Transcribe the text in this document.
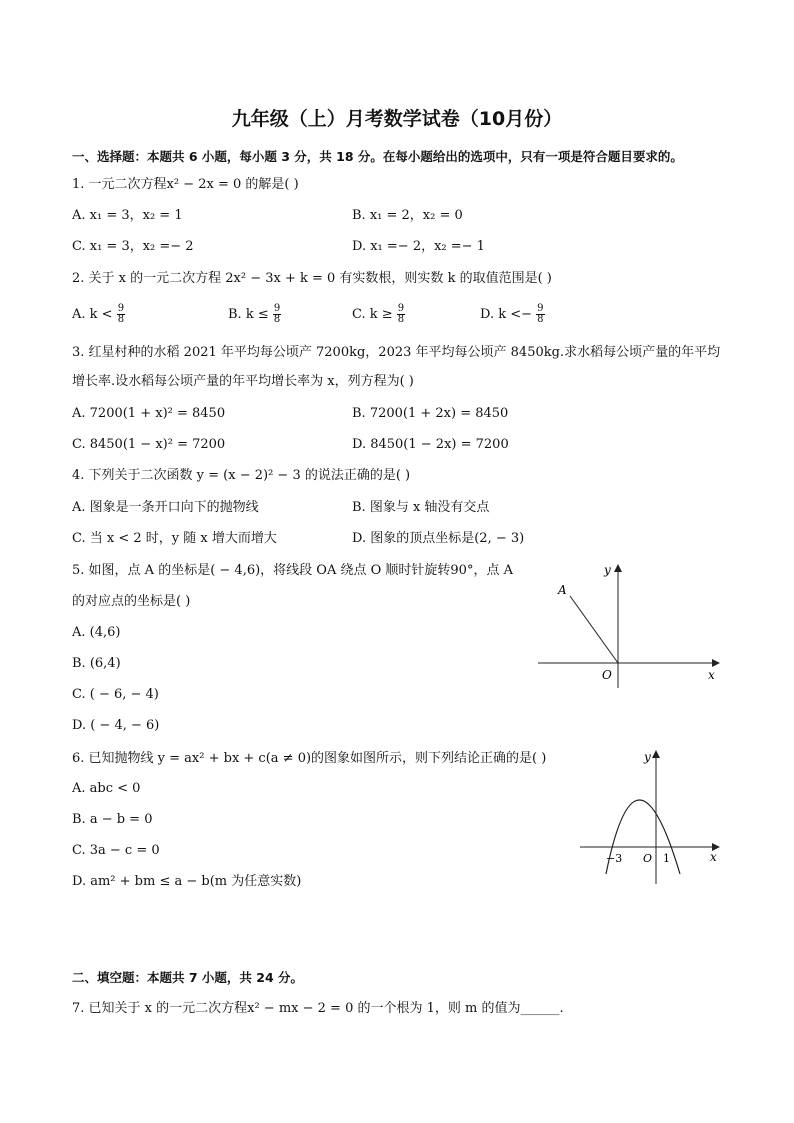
九年级（上）月考数学试卷（10月份）
一、选择题：本题共 6 小题，每小题 3 分，共 18 分。在每小题给出的选项中，只有一项是符合题目要求的。
1. 一元二次方程x² − 2x = 0 的解是( )
A. x₁ = 3，x₂ = 1	B. x₁ = 2，x₂ = 0
C. x₁ = 3，x₂ =− 2	D. x₁ =− 2，x₂ =− 1
2. 关于 x 的一元二次方程 2x² − 3x + k = 0 有实数根，则实数 k 的取值范围是( )
A. $k < \frac{9}{8}$	B. $k \le \frac{9}{8}$	C. $k \ge \frac{9}{8}$	D. $k <- \frac{9}{8}$
3. 红星村种的水稻 2021 年平均每公顷产 7200kg，2023 年平均每公顷产 8450kg.求水稻每公顷产量的年平均
增长率.设水稻每公顷产量的年平均增长率为 x，列方程为( )
A. 7200(1 + x)² = 8450	B. 7200(1 + 2x) = 8450
C. 8450(1 − x)² = 7200	D. 8450(1 − 2x) = 7200
4. 下列关于二次函数 y = (x − 2)² − 3 的说法正确的是( )
A. 图象是一条开口向下的抛物线	B. 图象与 x 轴没有交点
C. 当 x < 2 时，y 随 x 增大而增大	D. 图象的顶点坐标是(2, − 3)
5. 如图，点 A 的坐标是( − 4,6)，将线段 OA 绕点 O 顺时针旋转90°，点 A
的对应点的坐标是( )
A. (4,6)
B. (6,4)
C. ( − 6, − 4)
D. ( − 4, − 6)
A
y
x
O
6. 已知抛物线 y = ax² + bx + c(a ≠ 0)的图象如图所示，则下列结论正确的是( )
A. abc < 0
B. a − b = 0
C. 3a − c = 0
D. am² + bm ≤ a − b(m 为任意实数)
y
x
−3 O 1
二、填空题：本题共 7 小题，共 24 分。
7. 已知关于 x 的一元二次方程x² − mx − 2 = 0 的一个根为 1，则 m 的值为______.
